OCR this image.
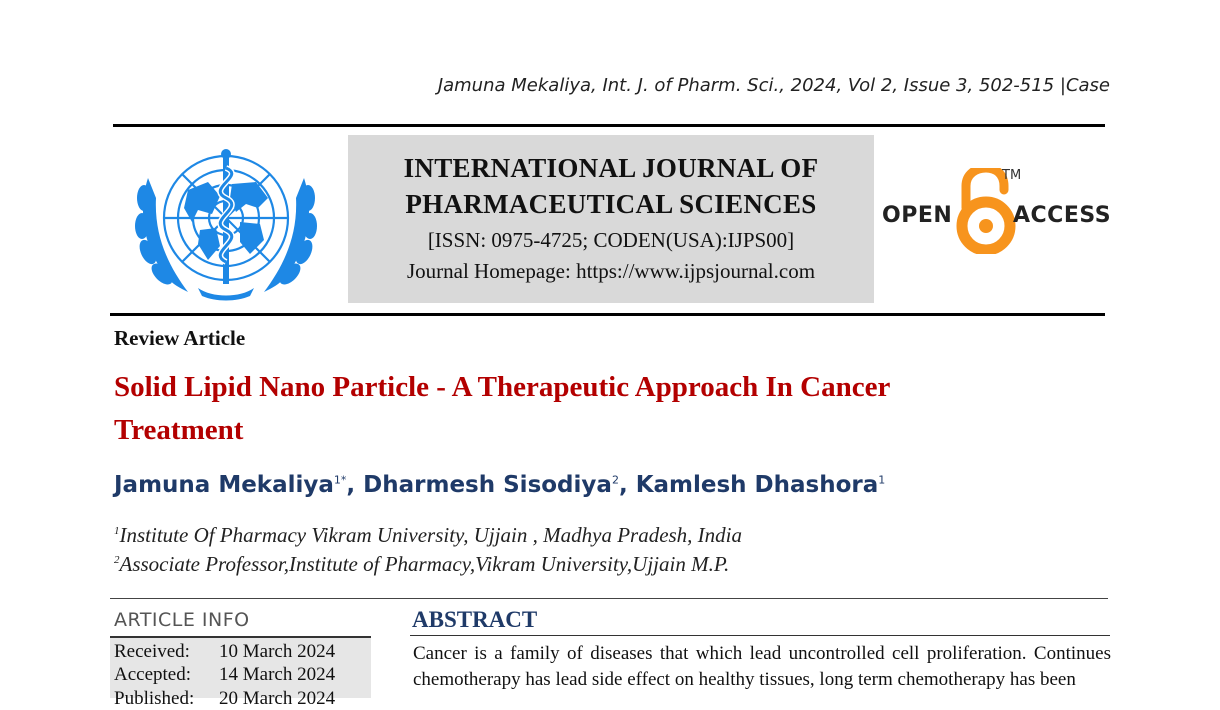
Jamuna Mekaliya, Int. J. of Pharm. Sci., 2024, Vol 2, Issue 3, 502-515 |Case
INTERNATIONAL JOURNAL OF
PHARMACEUTICAL SCIENCES
[ISSN: 0975-4725; CODEN(USA):IJPS00]
Journal Homepage: https://www.ijpsjournal.com
OPEN
TM
ACCESS
Review Article
Solid Lipid Nano Particle - A Therapeutic Approach In Cancer Treatment
Jamuna Mekaliya$^{1*}$, Dharmesh Sisodiya$^2$, Kamlesh Dhashora$^1$
$^1$Institute Of Pharmacy Vikram University, Ujjain , Madhya Pradesh, India
$^2$Associate Professor,Institute of Pharmacy,Vikram University,Ujjain M.P.
ARTICLE INFO
Received: 10 March 2024
Accepted: 14 March 2024
Published: 20 March 2024
ABSTRACT
Cancer is a family of diseases that which lead uncontrolled cell proliferation. Continues chemotherapy has lead side effect on healthy tissues, long term chemotherapy has been
